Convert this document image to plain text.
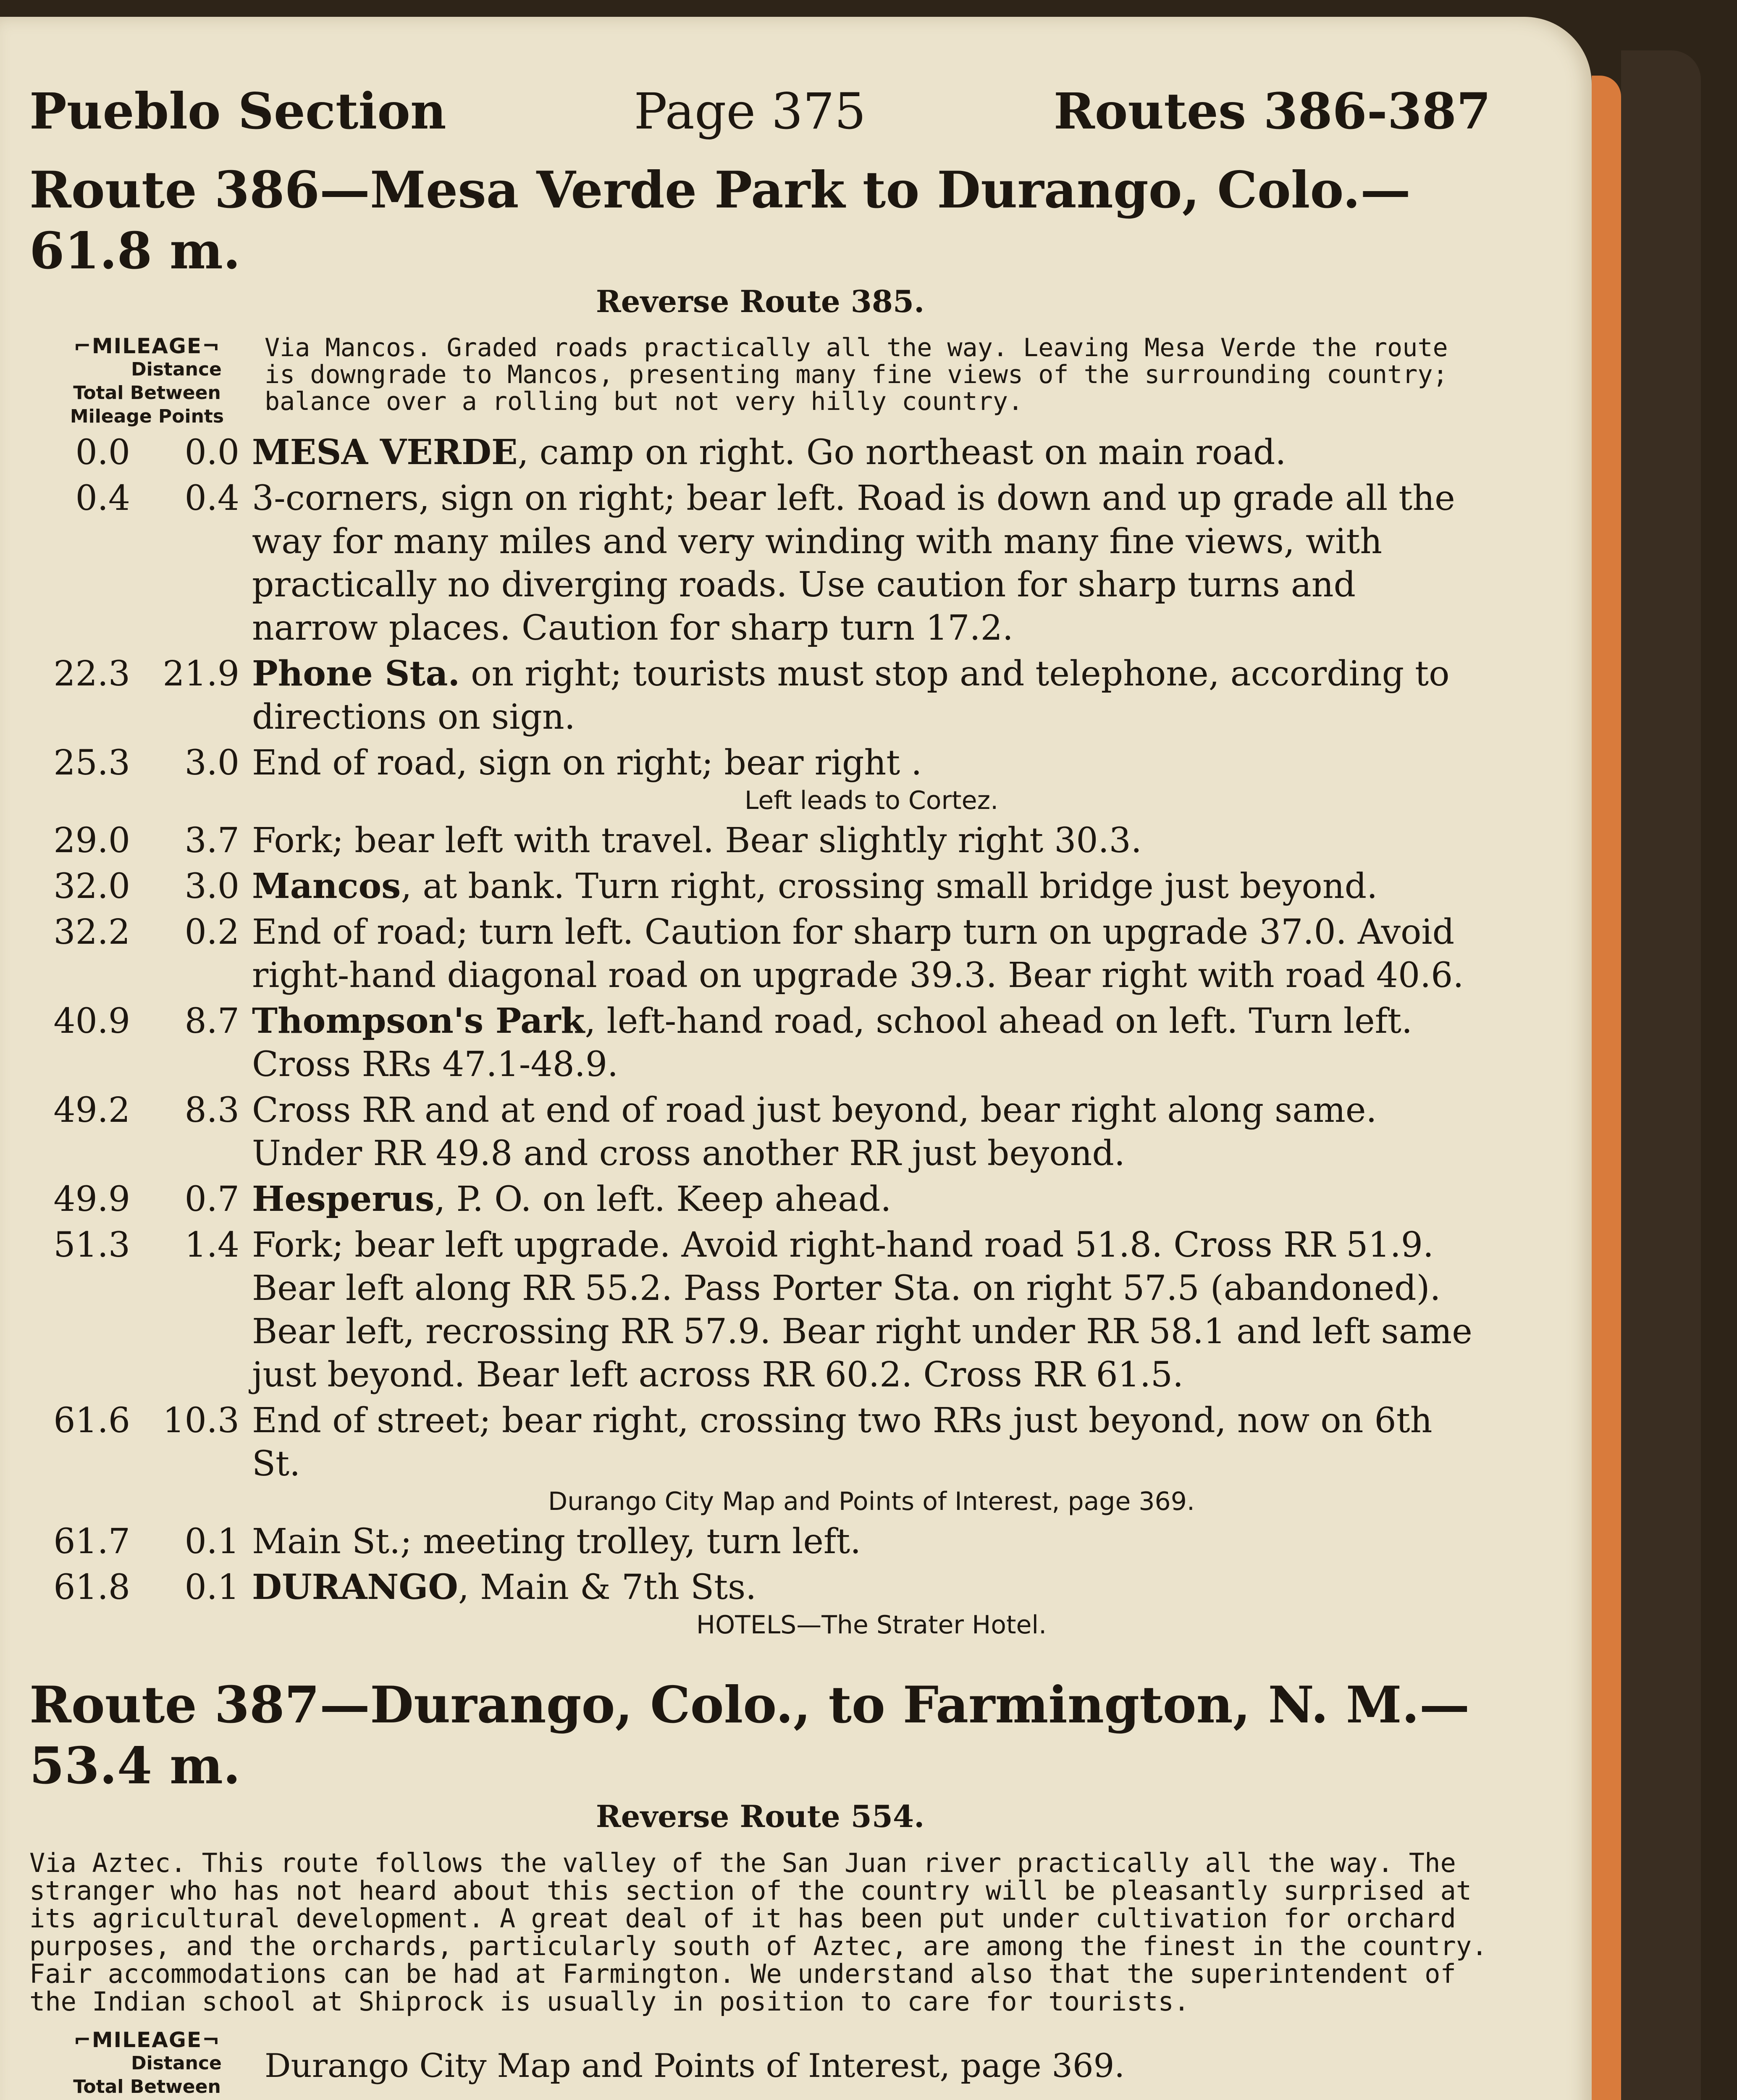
Pueblo Section	Page 375	Routes 386-387
Route 386—Mesa Verde Park to Durango, Colo.—61.8 m.
Reverse Route 385.
⌐MILEAGE¬
Distance
Total Between
Mileage Points
Via Mancos. Graded roads practically all the way. Leaving Mesa Verde the route is downgrade to Mancos, presenting many fine views of the surrounding country; balance over a rolling but not very hilly country.
0.0	0.0 MESA VERDE, camp on right. Go northeast on main road.
0.4	0.4 3-corners, sign on right; bear left. Road is down and up grade all the way for many miles and very winding with many fine views, with practically no diverging roads. Use caution for sharp turns and narrow places. Caution for sharp turn 17.2.
22.3 21.9 Phone Sta. on right; tourists must stop and telephone, according to directions on sign.
25.3	3.0 End of road, sign on right; bear right .
Left leads to Cortez.
29.0	3.7 Fork; bear left with travel. Bear slightly right 30.3.
32.0	3.0 Mancos, at bank. Turn right, crossing small bridge just beyond.
32.2	0.2 End of road; turn left. Caution for sharp turn on upgrade 37.0. Avoid right-hand diagonal road on upgrade 39.3. Bear right with road 40.6.
40.9	8.7 Thompson's Park, left-hand road, school ahead on left. Turn left. Cross RRs 47.1-48.9.
49.2	8.3 Cross RR and at end of road just beyond, bear right along same. Under RR 49.8 and cross another RR just beyond.
49.9	0.7 Hesperus, P. O. on left. Keep ahead.
51.3	1.4 Fork; bear left upgrade. Avoid right-hand road 51.8. Cross RR 51.9. Bear left along RR 55.2. Pass Porter Sta. on right 57.5 (abandoned). Bear left, recrossing RR 57.9. Bear right under RR 58.1 and left same just beyond. Bear left across RR 60.2. Cross RR 61.5.
61.6 10.3 End of street; bear right, crossing two RRs just beyond, now on 6th St.
Durango City Map and Points of Interest, page 369.
61.7	0.1 Main St.; meeting trolley, turn left.
61.8	0.1 DURANGO, Main & 7th Sts.
HOTELS—The Strater Hotel.
Route 387—Durango, Colo., to Farmington, N. M.—53.4 m.
Reverse Route 554.
Via Aztec. This route follows the valley of the San Juan river practically all the way. The stranger who has not heard about this section of the country will be pleasantly surprised at its agricultural development. A great deal of it has been put under cultivation for orchard purposes, and the orchards, particularly south of Aztec, are among the finest in the country.
Fair accommodations can be had at Farmington. We understand also that the superintendent of the Indian school at Shiprock is usually in position to care for tourists.
⌐MILEAGE¬
Distance
Total Between
Durango City Map and Points of Interest, page 369.
